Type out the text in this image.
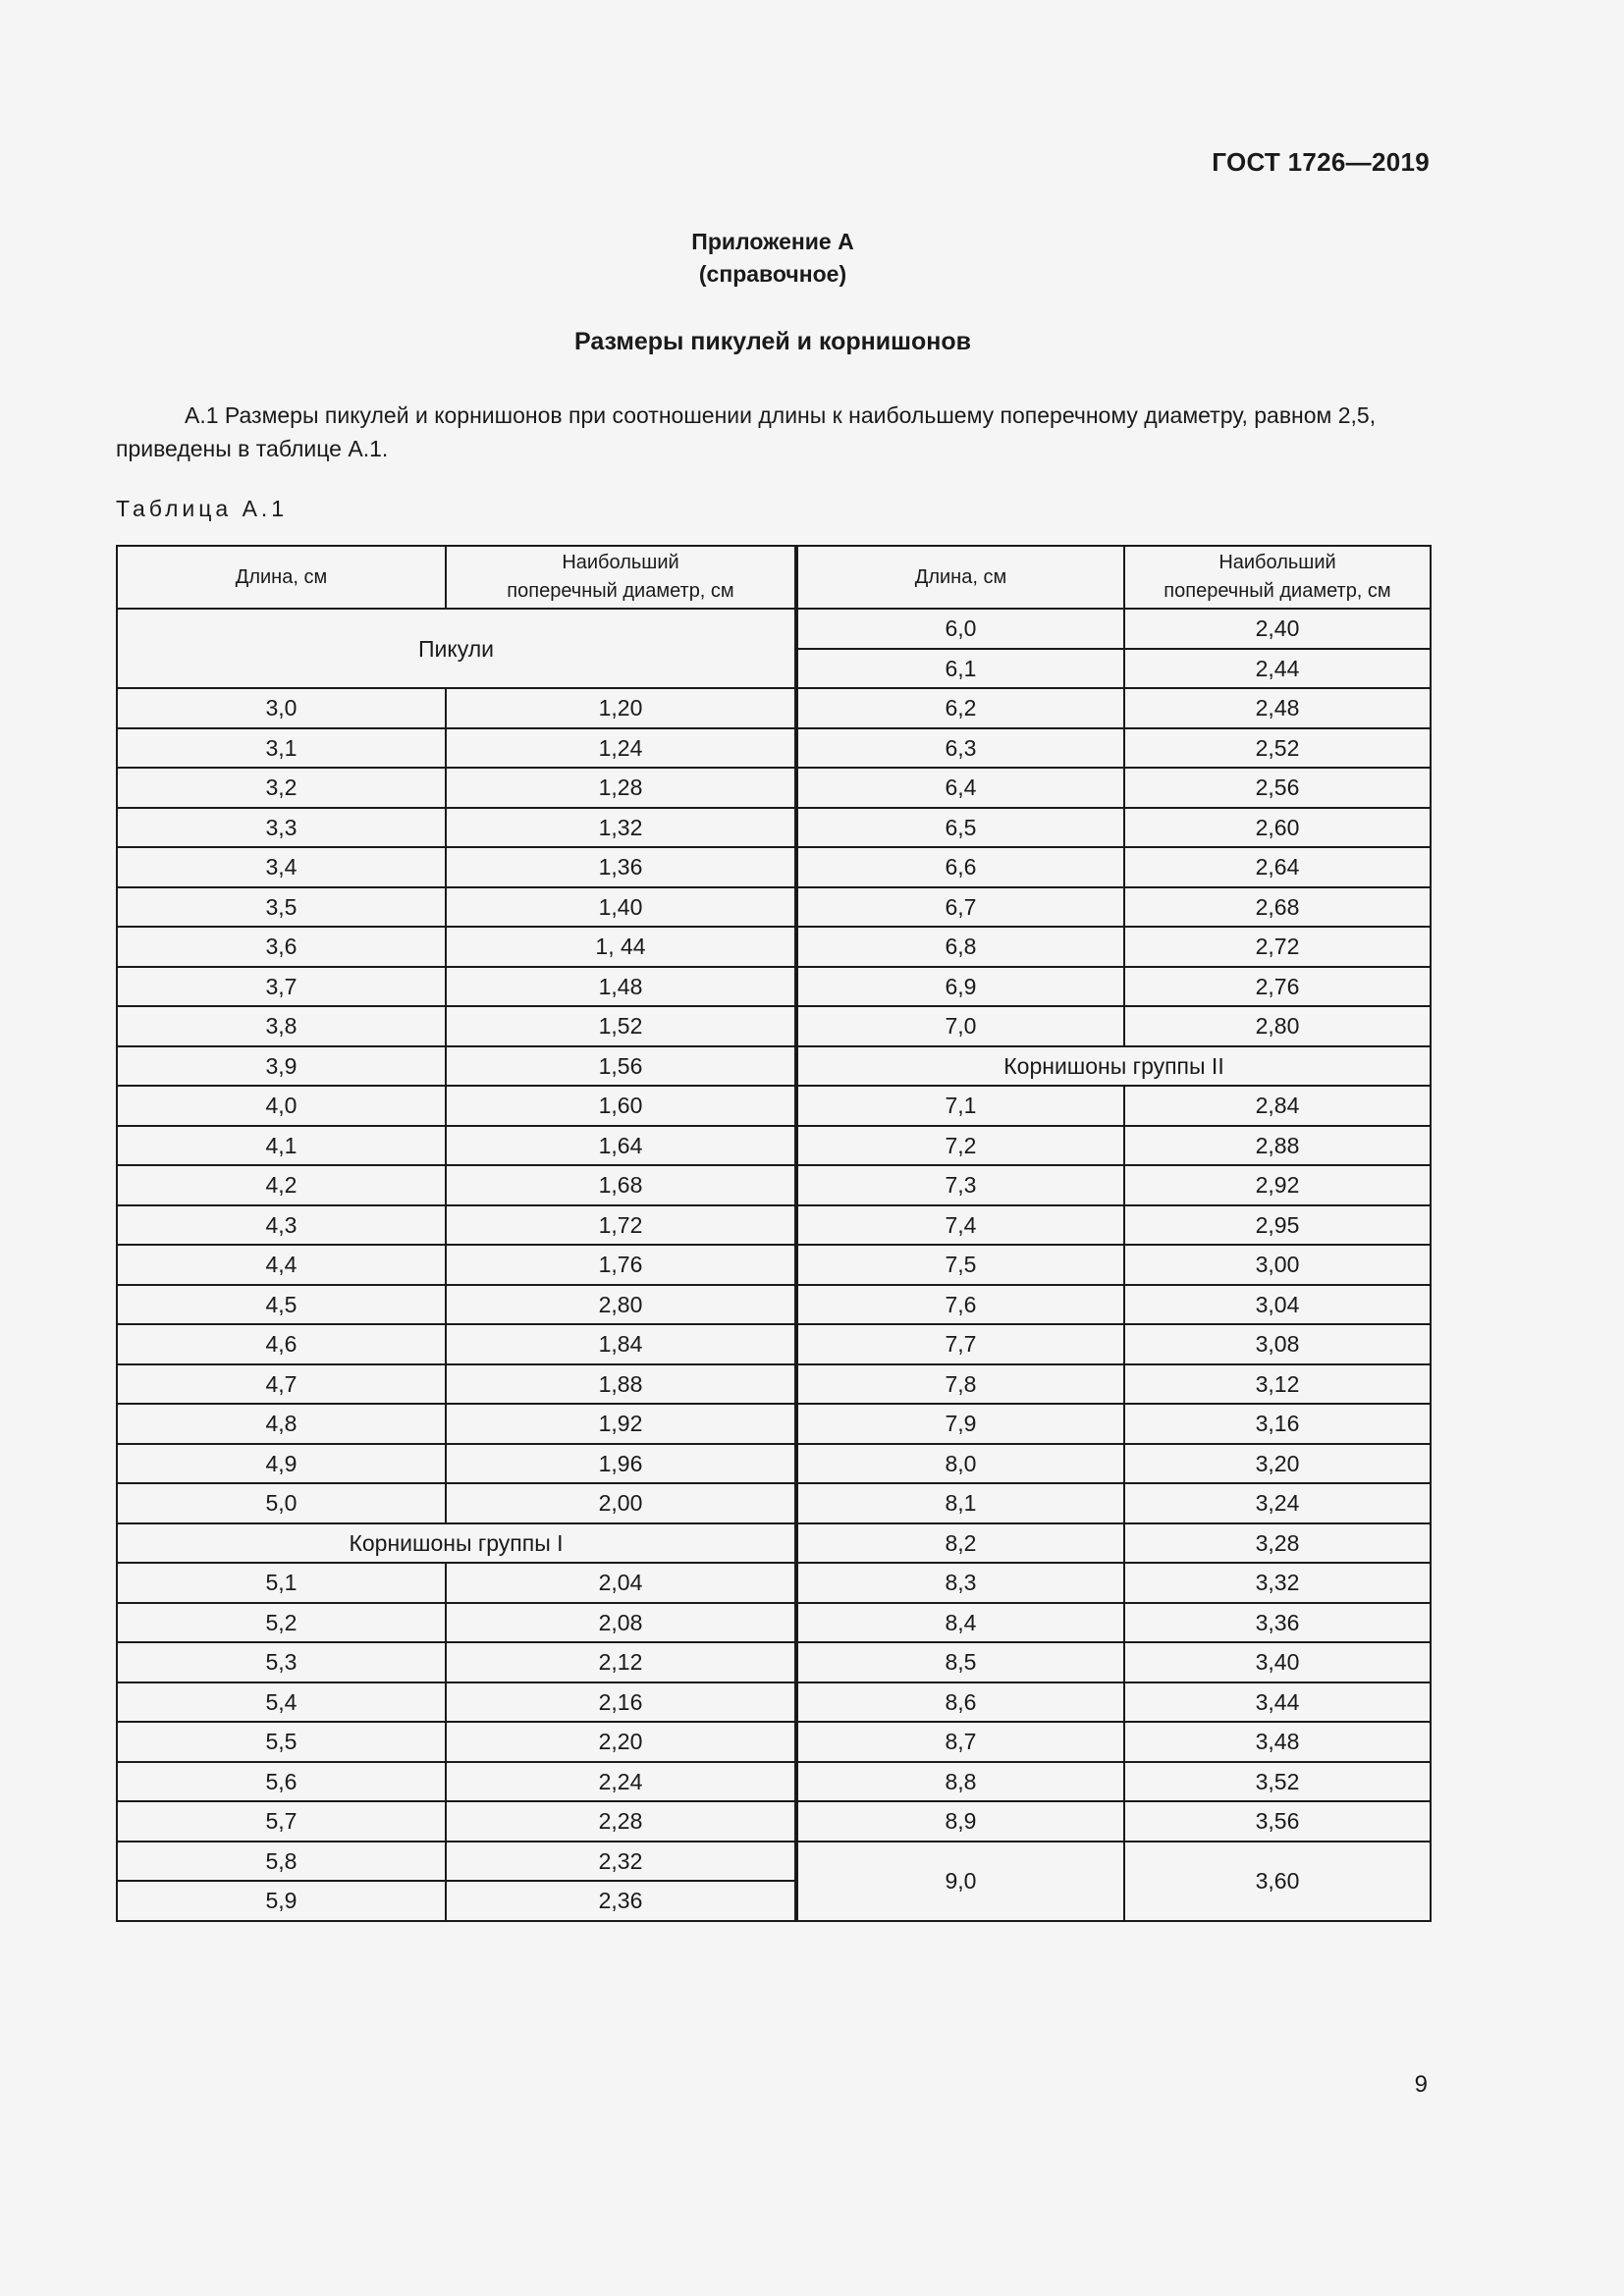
ГОСТ 1726—2019
Приложение А
(справочное)
Размеры пикулей и корнишонов
А.1 Размеры пикулей и корнишонов при соотношении длины к наибольшему поперечному диаметру, равном 2,5, приведены в таблице А.1.
Таблица А.1
Длина, см	Наибольший
поперечный диаметр, см
Пикули	
3,0	1,20
3,1	1,24
3,2	1,28
3,3	1,32
3,4	1,36
3,5	1,40
3,6	1, 44
3,7	1,48
3,8	1,52
3,9	1,56
4,0	1,60
4,1	1,64
4,2	1,68
4,3	1,72
4,4	1,76
4,5	2,80
4,6	1,84
4,7	1,88
4,8	1,92
4,9	1,96
5,0	2,00
Корнишоны группы I	
5,1	2,04
5,2	2,08
5,3	2,12
5,4	2,16
5,5	2,20
5,6	2,24
5,7	2,28
5,8	2,32
5,9	2,36
Длина, см	Наибольший
поперечный диаметр, см
6,0	2,40
6,1	2,44
6,2	2,48
6,3	2,52
6,4	2,56
6,5	2,60
6,6	2,64
6,7	2,68
6,8	2,72
6,9	2,76
7,0	2,80
Корнишоны группы II	
7,1	2,84
7,2	2,88
7,3	2,92
7,4	2,95
7,5	3,00
7,6	3,04
7,7	3,08
7,8	3,12
7,9	3,16
8,0	3,20
8,1	3,24
8,2	3,28
8,3	3,32
8,4	3,36
8,5	3,40
8,6	3,44
8,7	3,48
8,8	3,52
8,9	3,56
9,0	3,60
9
